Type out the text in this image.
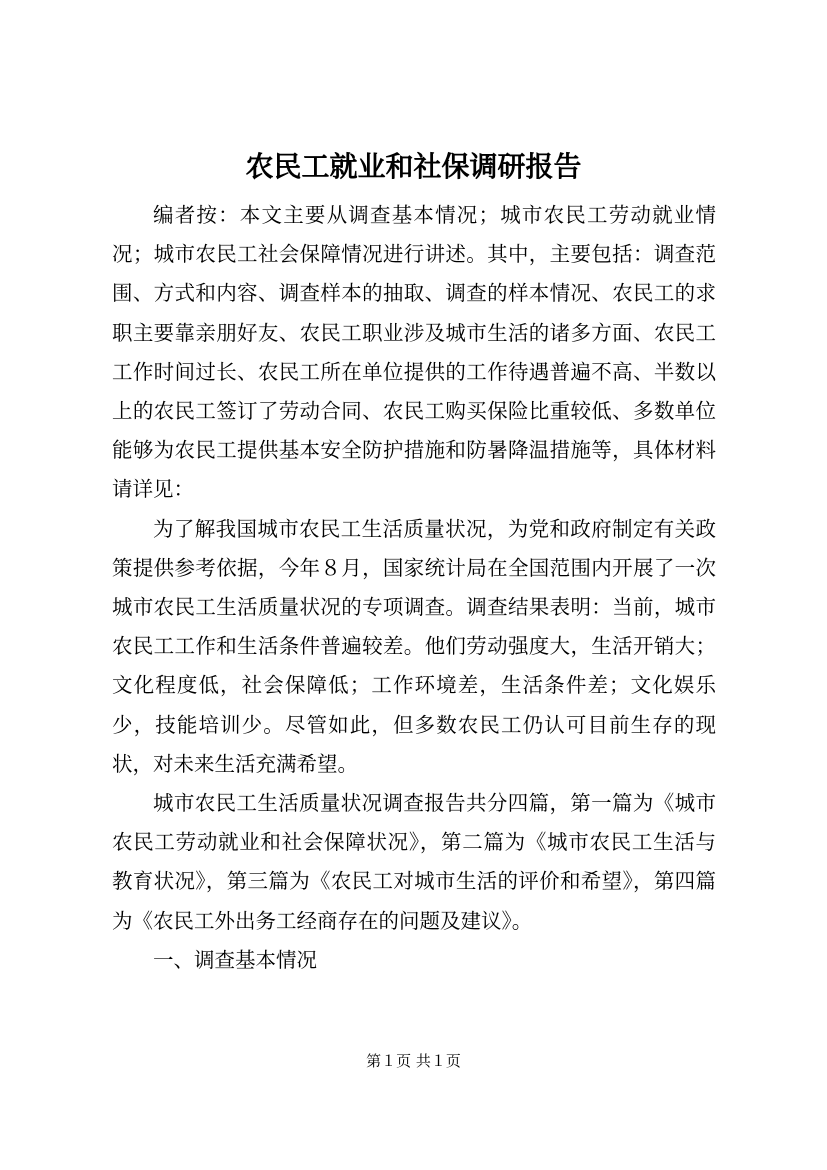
农民工就业和社保调研报告

编者按：本文主要从调查基本情况；城市农民工劳动就业情况；城市农民工社会保障情况进行讲述。其中，主要包括：调查范围、方式和内容、调查样本的抽取、调查的样本情况、农民工的求职主要靠亲朋好友、农民工职业涉及城市生活的诸多方面、农民工工作时间过长、农民工所在单位提供的工作待遇普遍不高、半数以上的农民工签订了劳动合同、农民工购买保险比重较低、多数单位能够为农民工提供基本安全防护措施和防暑降温措施等，具体材料请详见：

为了解我国城市农民工生活质量状况，为党和政府制定有关政策提供参考依据，今年８月，国家统计局在全国范围内开展了一次城市农民工生活质量状况的专项调查。调查结果表明：当前，城市农民工工作和生活条件普遍较差。他们劳动强度大，生活开销大；文化程度低，社会保障低；工作环境差，生活条件差；文化娱乐少，技能培训少。尽管如此，但多数农民工仍认可目前生存的现状，对未来生活充满希望。

城市农民工生活质量状况调查报告共分四篇，第一篇为《城市农民工劳动就业和社会保障状况》，第二篇为《城市农民工生活与教育状况》，第三篇为《农民工对城市生活的评价和希望》，第四篇为《农民工外出务工经商存在的问题及建议》。

一、调查基本情况

第１页 共１页
